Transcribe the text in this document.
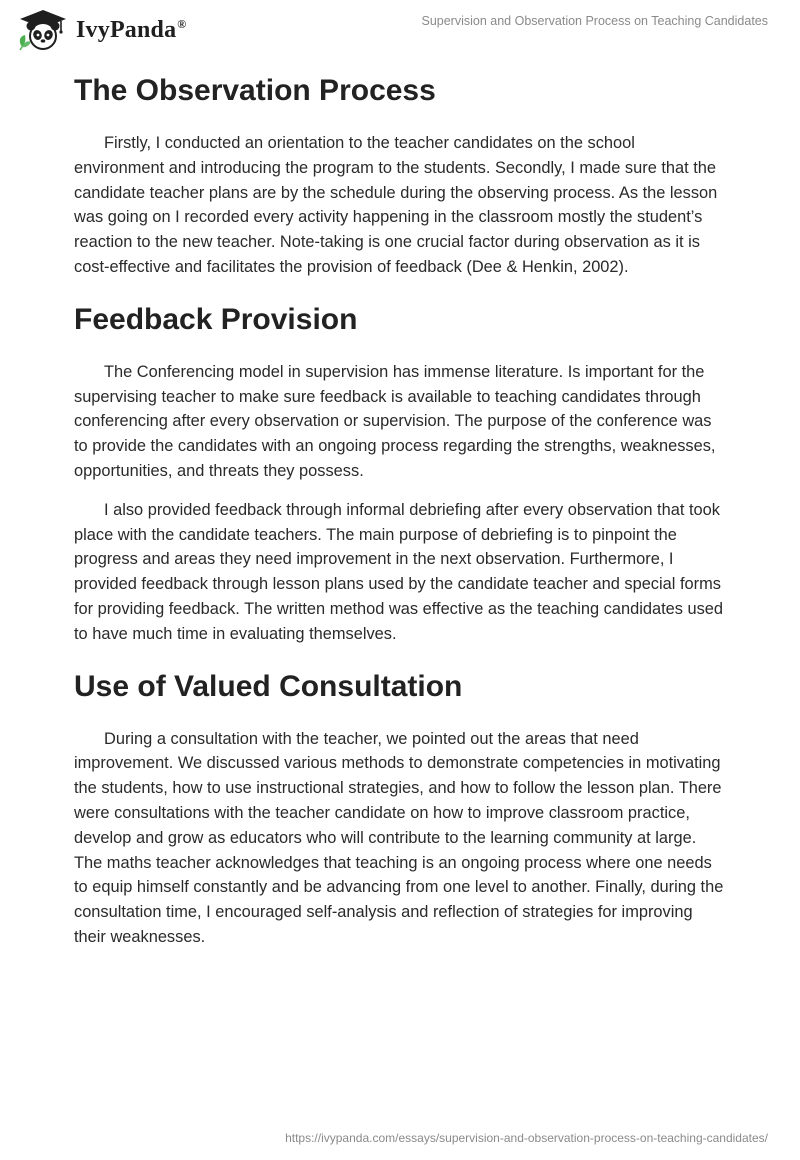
IvyPanda®	Supervision and Observation Process on Teaching Candidates
The Observation Process

Firstly, I conducted an orientation to the teacher candidates on the school environment and introducing the program to the students. Secondly, I made sure that the candidate teacher plans are by the schedule during the observing process. As the lesson was going on I recorded every activity happening in the classroom mostly the student’s reaction to the new teacher. Note-taking is one crucial factor during observation as it is cost-effective and facilitates the provision of feedback (Dee & Henkin, 2002).

Feedback Provision

The Conferencing model in supervision has immense literature. Is important for the supervising teacher to make sure feedback is available to teaching candidates through conferencing after every observation or supervision. The purpose of the conference was to provide the candidates with an ongoing process regarding the strengths, weaknesses, opportunities, and threats they possess.

I also provided feedback through informal debriefing after every observation that took place with the candidate teachers. The main purpose of debriefing is to pinpoint the progress and areas they need improvement in the next observation. Furthermore, I provided feedback through lesson plans used by the candidate teacher and special forms for providing feedback. The written method was effective as the teaching candidates used to have much time in evaluating themselves.

Use of Valued Consultation

During a consultation with the teacher, we pointed out the areas that need improvement. We discussed various methods to demonstrate competencies in motivating the students, how to use instructional strategies, and how to follow the lesson plan. There were consultations with the teacher candidate on how to improve classroom practice, develop and grow as educators who will contribute to the learning community at large. The maths teacher acknowledges that teaching is an ongoing process where one needs to equip himself constantly and be advancing from one level to another. Finally, during the consultation time, I encouraged self-analysis and reflection of strategies for improving their weaknesses.

https://ivypanda.com/essays/supervision-and-observation-process-on-teaching-candidates/
